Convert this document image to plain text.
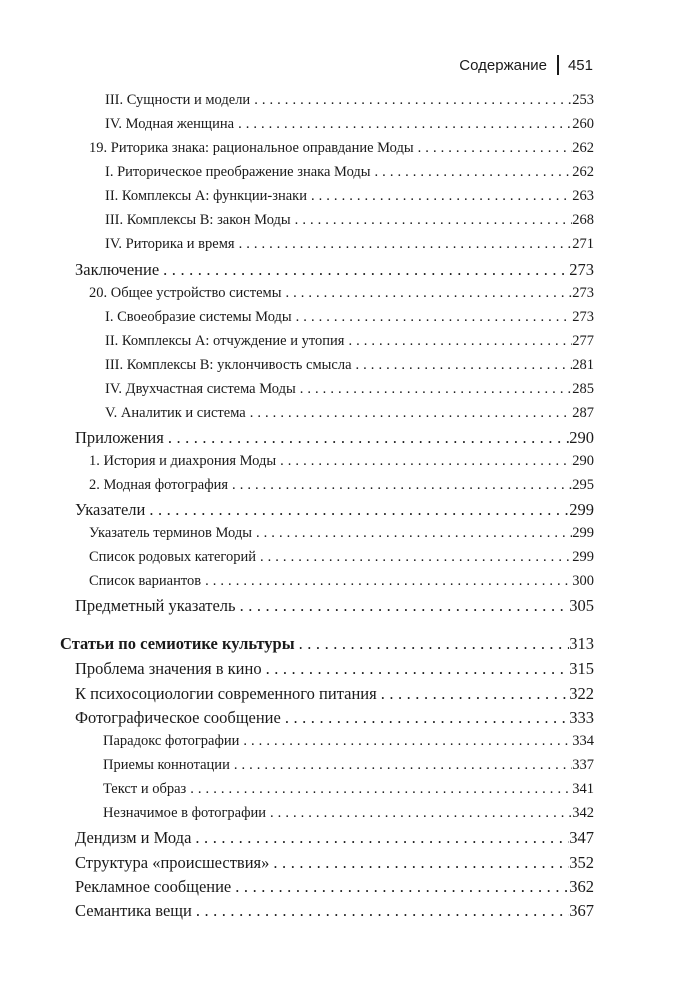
Содержание 451
III. Сущности и модели . . .	253
IV. Модная женщина . . .	260
19. Риторика знака: рациональное оправдание Моды . . .	262
I. Риторическое преображение знака Моды . . .	262
II. Комплексы A: функции-знаки . . .	263
III. Комплексы B: закон Моды . . .	268
IV. Риторика и время . . .	271
Заключение . . .	273
20. Общее устройство системы . . .	273
I. Своеобразие системы Моды . . .	273
II. Комплексы A: отчуждение и утопия . . .	277
III. Комплексы B: уклончивость смысла . . .	281
IV. Двухчастная система Моды . . .	285
V. Аналитик и система . . .	287
Приложения . . .	290
1. История и диахрония Моды . . .	290
2. Модная фотография . . .	295
Указатели . . .	299
Указатель терминов Моды . . .	299
Список родовых категорий . . .	299
Список вариантов . . .	300
Предметный указатель . . .	305
Статьи по семиотике культуры . . .	313
Проблема значения в кино . . .	315
К психосоциологии современного питания . . .	322
Фотографическое сообщение . . .	333
Парадокс фотографии . . .	334
Приемы коннотации . . .	337
Текст и образ . . .	341
Незначимое в фотографии . . .	342
Дендизм и Мода . . .	347
Структура «происшествия» . . .	352
Рекламное сообщение . . .	362
Семантика вещи . . .	367
